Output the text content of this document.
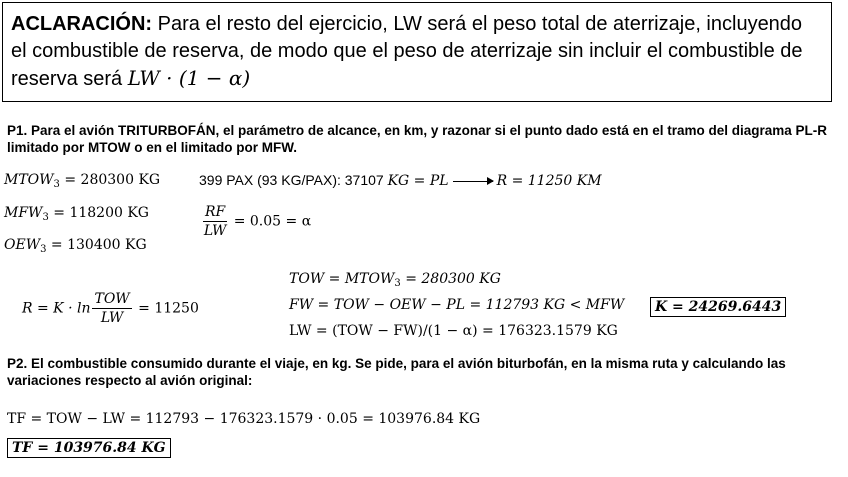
ACLARACIÓN: Para el resto del ejercicio, LW será el peso total de aterrizaje, incluyendo el combustible de reserva, de modo que el peso de aterrizaje sin incluir el combustible de reserva será LW · (1 − α)
P1. Para el avión TRITURBOFÁN, el parámetro de alcance, en km, y razonar si el punto dado está en el tramo del diagrama PL-R limitado por MTOW o en el limitado por MFW.
$MTOW_3 = 280300$ KG
$MFW_3 = 118200$ KG
$OEW_3 = 130400$ KG
399 PAX (93 KG/PAX): 37107 KG = PL	R = 11250 KM
$\frac{RF}{LW} = 0.05 = \alpha$
$R = K \cdot \ln \frac{\text{TOW}}{LW} = 11250$
TOW = $MTOW_3 = 280300$ KG
FW = TOW − OEW − PL = 112793 KG < MFW
LW = (TOW − FW)/(1 − α) = 176323.1579 KG
K = 24269.6443
P2. El combustible consumido durante el viaje, en kg. Se pide, para el avión biturbofán, en la misma ruta y calculando las variaciones respecto al avión original:
TF = TOW − LW = 112793 − 176323.1579 · 0.05 = 103976.84 KG
TF = 103976.84 KG
